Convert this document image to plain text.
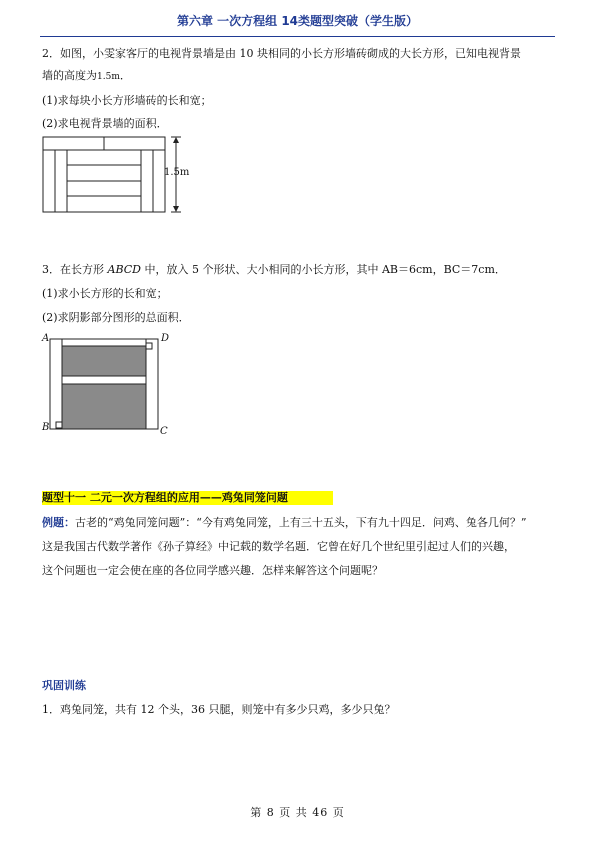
第六章 一次方程组 14类题型突破（学生版）
2．如图，小雯家客厅的电视背景墙是由 10 块相同的小长方形墙砖砌成的大长方形，已知电视背景
墙的高度为1.5m．
(1)求每块小长方形墙砖的长和宽；
(2)求电视背景墙的面积．
1.5m
3．在长方形 ABCD 中，放入 5 个形状、大小相同的小长方形，其中 AB＝6cm，BC＝7cm．
(1)求小长方形的长和宽；
(2)求阴影部分图形的总面积．
A	D
B	C
题型十一 二元一次方程组的应用——鸡兔同笼问题
例题：古老的“鸡兔同笼问题”：“今有鸡兔同笼，上有三十五头，下有九十四足．问鸡、兔各几何？”
这是我国古代数学著作《孙子算经》中记载的数学名题．它曾在好几个世纪里引起过人们的兴趣，
这个问题也一定会使在座的各位同学感兴趣．怎样来解答这个问题呢？
巩固训练
1．鸡兔同笼，共有 12 个头，36 只腿，则笼中有多少只鸡，多少只兔？
第 8 页 共 46 页
